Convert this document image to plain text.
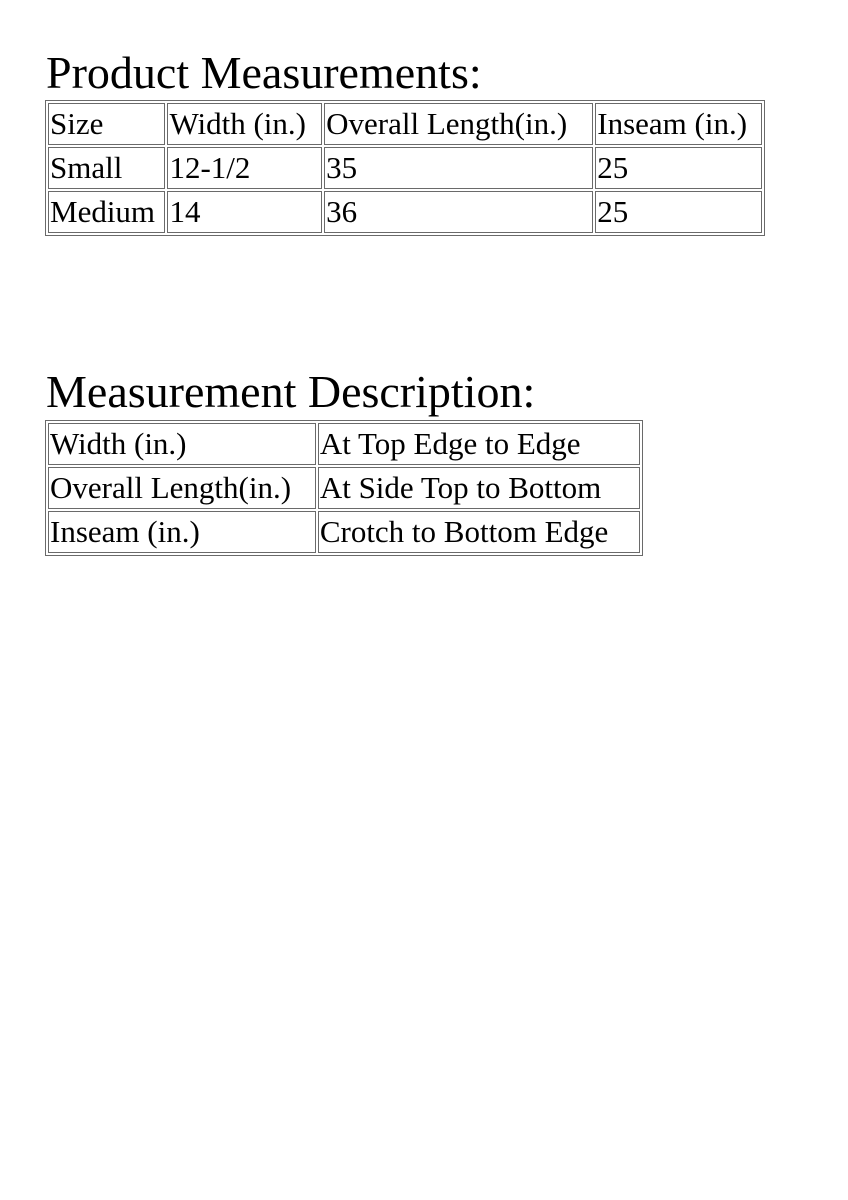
Product Measurements:
Size	Width (in.)	Overall Length(in.)	Inseam (in.)
Small	12-1/2	35	25
Medium	14	36	25
Measurement Description:
Width (in.)	At Top Edge to Edge
Overall Length(in.)	At Side Top to Bottom
Inseam (in.)	Crotch to Bottom Edge
